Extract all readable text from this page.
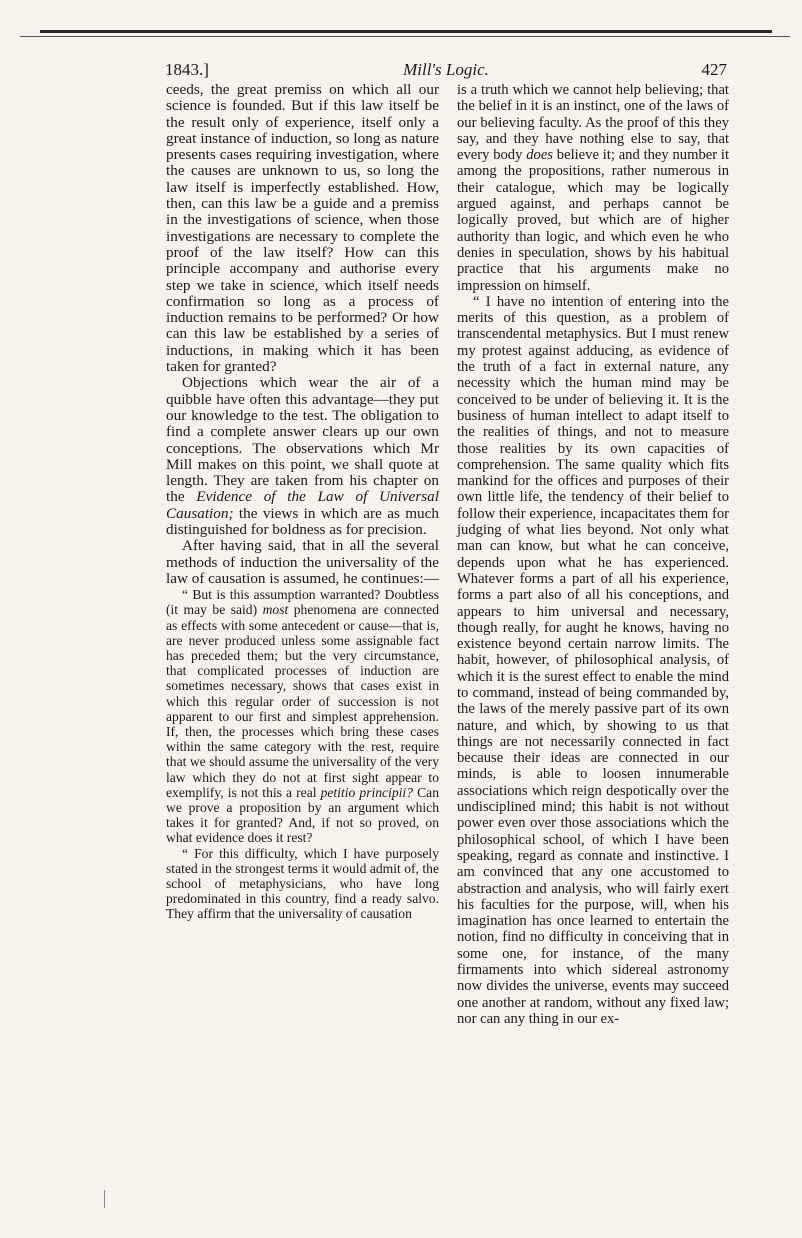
1843.]	Mill's Logic.	427

ceeds, the great premiss on which all our science is founded. But if this law itself be the result only of experience, itself only a great instance of induction, so long as nature presents cases requiring investigation, where the causes are unknown to us, so long the law itself is imperfectly established. How, then, can this law be a guide and a premiss in the investigations of science, when those investigations are necessary to complete the proof of the law itself? How can this principle accompany and authorise every step we take in science, which itself needs confirmation so long as a process of induction remains to be performed? Or how can this law be established by a series of inductions, in making which it has been taken for granted?

Objections which wear the air of a quibble have often this advantage—they put our knowledge to the test. The obligation to find a complete answer clears up our own conceptions. The observations which Mr Mill makes on this point, we shall quote at length. They are taken from his chapter on the Evidence of the Law of Universal Causation; the views in which are as much distinguished for boldness as for precision.

After having said, that in all the several methods of induction the universality of the law of causation is assumed, he continues:—

“ But is this assumption warranted? Doubtless (it may be said) most phenomena are connected as effects with some antecedent or cause—that is, are never produced unless some assignable fact has preceded them; but the very circumstance, that complicated processes of induction are sometimes necessary, shows that cases exist in which this regular order of succession is not apparent to our first and simplest apprehension. If, then, the processes which bring these cases within the same category with the rest, require that we should assume the universality of the very law which they do not at first sight appear to exemplify, is not this a real petitio principii? Can we prove a proposition by an argument which takes it for granted? And, if not so proved, on what evidence does it rest?

“ For this difficulty, which I have purposely stated in the strongest terms it would admit of, the school of metaphysicians, who have long predominated in this country, find a ready salvo. They affirm that the universality of causation

is a truth which we cannot help believing; that the belief in it is an instinct, one of the laws of our believing faculty. As the proof of this they say, and they have nothing else to say, that every body does believe it; and they number it among the propositions, rather numerous in their catalogue, which may be logically argued against, and perhaps cannot be logically proved, but which are of higher authority than logic, and which even he who denies in speculation, shows by his habitual practice that his arguments make no impression on himself.

“ I have no intention of entering into the merits of this question, as a problem of transcendental metaphysics. But I must renew my protest against adducing, as evidence of the truth of a fact in external nature, any necessity which the human mind may be conceived to be under of believing it. It is the business of human intellect to adapt itself to the realities of things, and not to measure those realities by its own capacities of comprehension. The same quality which fits mankind for the offices and purposes of their own little life, the tendency of their belief to follow their experience, incapacitates them for judging of what lies beyond. Not only what man can know, but what he can conceive, depends upon what he has experienced. Whatever forms a part of all his experience, forms a part also of all his conceptions, and appears to him universal and necessary, though really, for aught he knows, having no existence beyond certain narrow limits. The habit, however, of philosophical analysis, of which it is the surest effect to enable the mind to command, instead of being commanded by, the laws of the merely passive part of its own nature, and which, by showing to us that things are not necessarily connected in fact because their ideas are connected in our minds, is able to loosen innumerable associations which reign despotically over the undisciplined mind; this habit is not without power even over those associations which the philosophical school, of which I have been speaking, regard as connate and instinctive. I am convinced that any one accustomed to abstraction and analysis, who will fairly exert his faculties for the purpose, will, when his imagination has once learned to entertain the notion, find no difficulty in conceiving that in some one, for instance, of the many firmaments into which sidereal astronomy now divides the universe, events may succeed one another at random, without any fixed law; nor can any thing in our ex-
